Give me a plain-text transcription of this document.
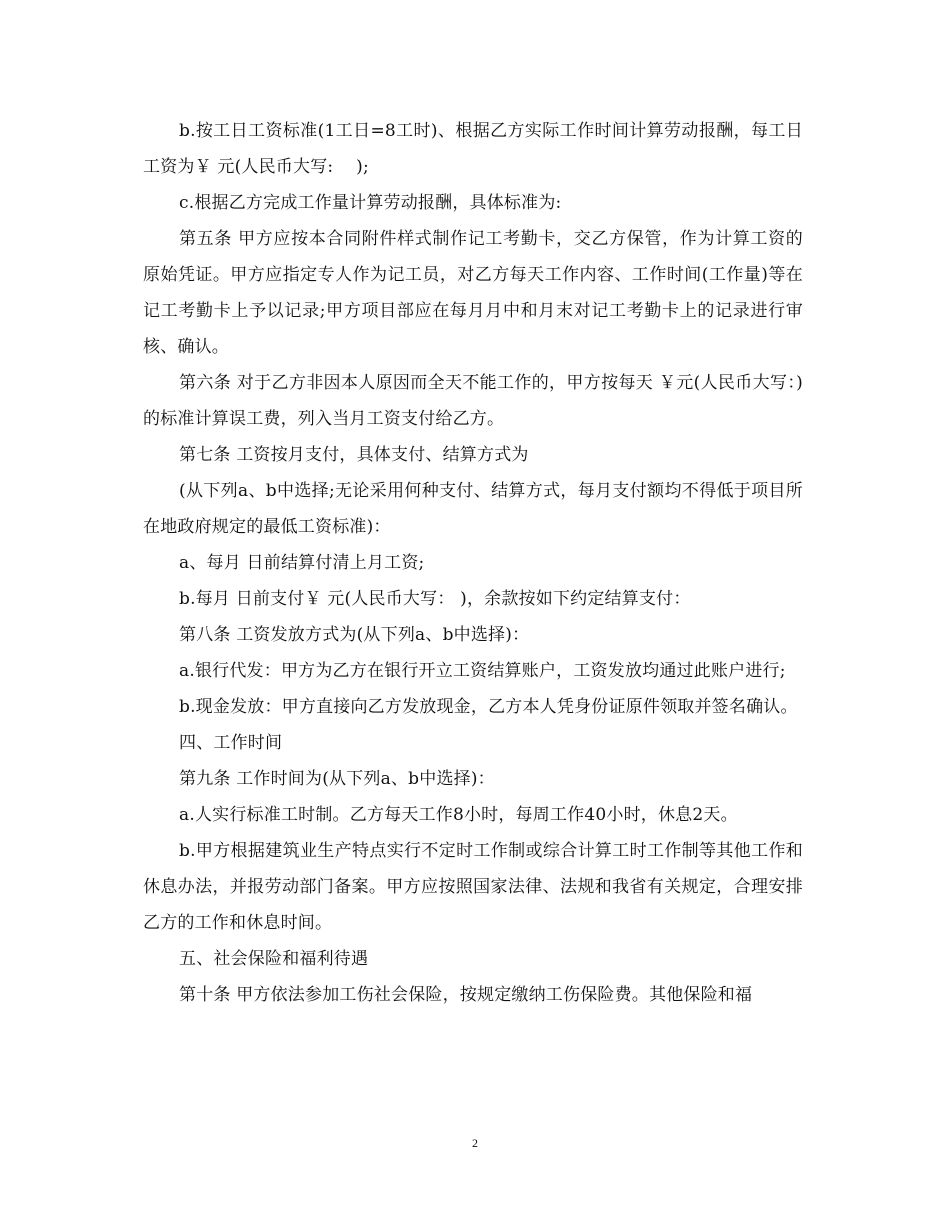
b.按工日工资标准(1工日=8工时)、根据乙方实际工作时间计算劳动报酬，每工日工资为￥ 元(人民币大写:　 );

c.根据乙方完成工作量计算劳动报酬，具体标准为:

第五条 甲方应按本合同附件样式制作记工考勤卡，交乙方保管，作为计算工资的原始凭证。甲方应指定专人作为记工员，对乙方每天工作内容、工作时间(工作量)等在记工考勤卡上予以记录;甲方项目部应在每月月中和月末对记工考勤卡上的记录进行审核、确认。

第六条 对于乙方非因本人原因而全天不能工作的，甲方按每天 ￥元(人民币大写：)的标准计算误工费，列入当月工资支付给乙方。

第七条 工资按月支付，具体支付、结算方式为

(从下列a、b中选择;无论采用何种支付、结算方式，每月支付额均不得低于项目所在地政府规定的最低工资标准)：

a、每月 日前结算付清上月工资;

b.每月 日前支付￥ 元(人民币大写： )，余款按如下约定结算支付：

第八条 工资发放方式为(从下列a、b中选择)：

a.银行代发：甲方为乙方在银行开立工资结算账户，工资发放均通过此账户进行;

b.现金发放：甲方直接向乙方发放现金，乙方本人凭身份证原件领取并签名确认。

四、工作时间

第九条 工作时间为(从下列a、b中选择)：

a.人实行标准工时制。乙方每天工作8小时，每周工作40小时，休息2天。

b.甲方根据建筑业生产特点实行不定时工作制或综合计算工时工作制等其他工作和休息办法，并报劳动部门备案。甲方应按照国家法律、法规和我省有关规定，合理安排乙方的工作和休息时间。

五、社会保险和福利待遇

第十条 甲方依法参加工伤社会保险，按规定缴纳工伤保险费。其他保险和福

2
